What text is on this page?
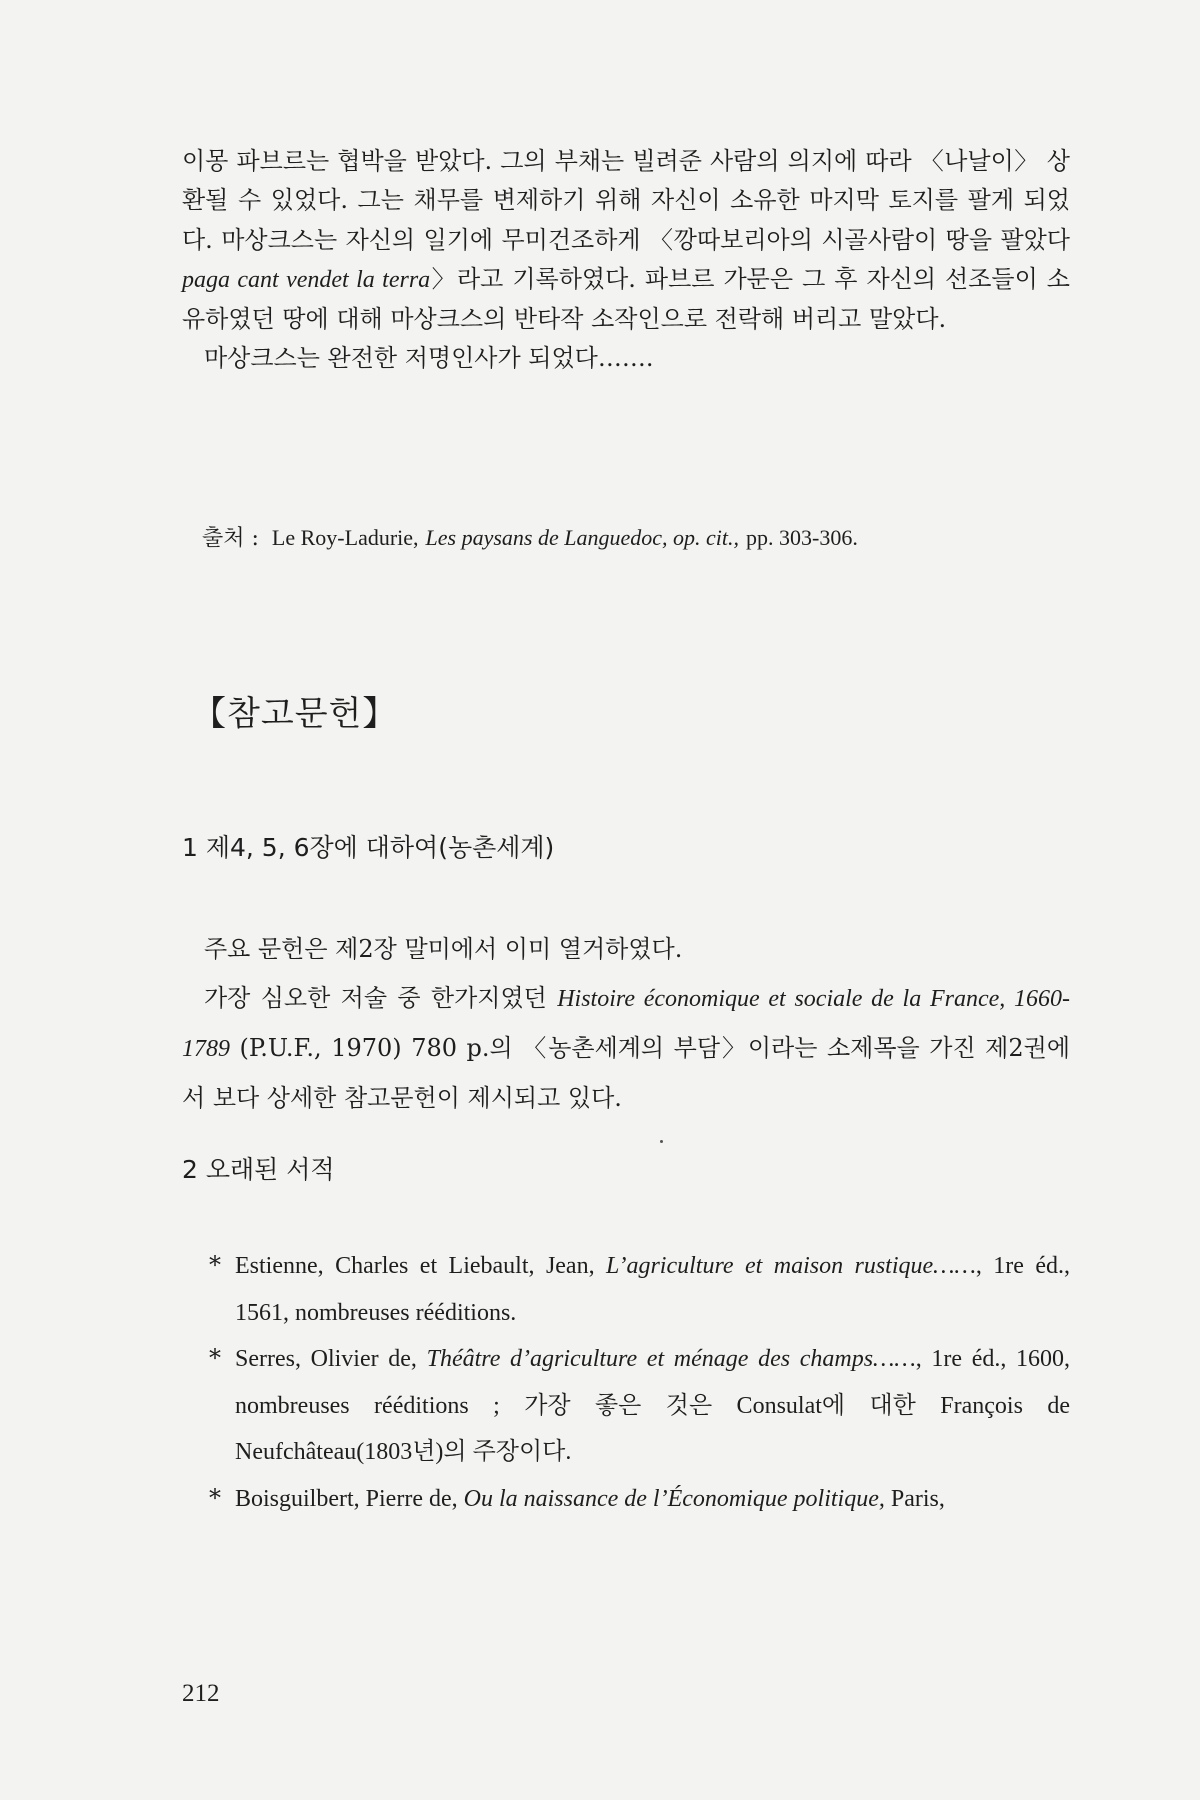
이몽 파브르는 협박을 받았다. 그의 부채는 빌려준 사람의 의지에 따라 〈나날이〉 상환될 수 있었다. 그는 채무를 변제하기 위해 자신이 소유한 마지막 토지를 팔게 되었다. 마상크스는 자신의 일기에 무미건조하게 〈깡따보리아의 시골사람이 땅을 팔았다paga cant vendet la terra〉라고 기록하였다. 파브르 가문은 그 후 자신의 선조들이 소유하였던 땅에 대해 마상크스의 반타작 소작인으로 전락해 버리고 말았다.

마상크스는 완전한 저명인사가 되었다…….

출처 : Le Roy-Ladurie, Les paysans de Languedoc, op. cit., pp. 303-306.
【참고문헌】
1 제4, 5, 6장에 대하여(농촌세계)

주요 문헌은 제2장 말미에서 이미 열거하였다.

가장 심오한 저술 중 한가지였던 Histoire économique et sociale de la France, 1660-1789 (P.U.F., 1970) 780 p.의 〈농촌세계의 부담〉이라는 소제목을 가진 제2권에서 보다 상세한 참고문헌이 제시되고 있다.

2 오래된 서적

* Estienne, Charles et Liebault, Jean, L’agriculture et maison rustique……, 1re éd., 1561, nombreuses rééditions.

* Serres, Olivier de, Théâtre d’agriculture et ménage des champs……, 1re éd., 1600, nombreuses rééditions ; 가장 좋은 것은 Consulat에 대한 François de Neufchâteau(1803년)의 주장이다.

* Boisguilbert, Pierre de, Ou la naissance de l’Économique politique, Paris,

212
